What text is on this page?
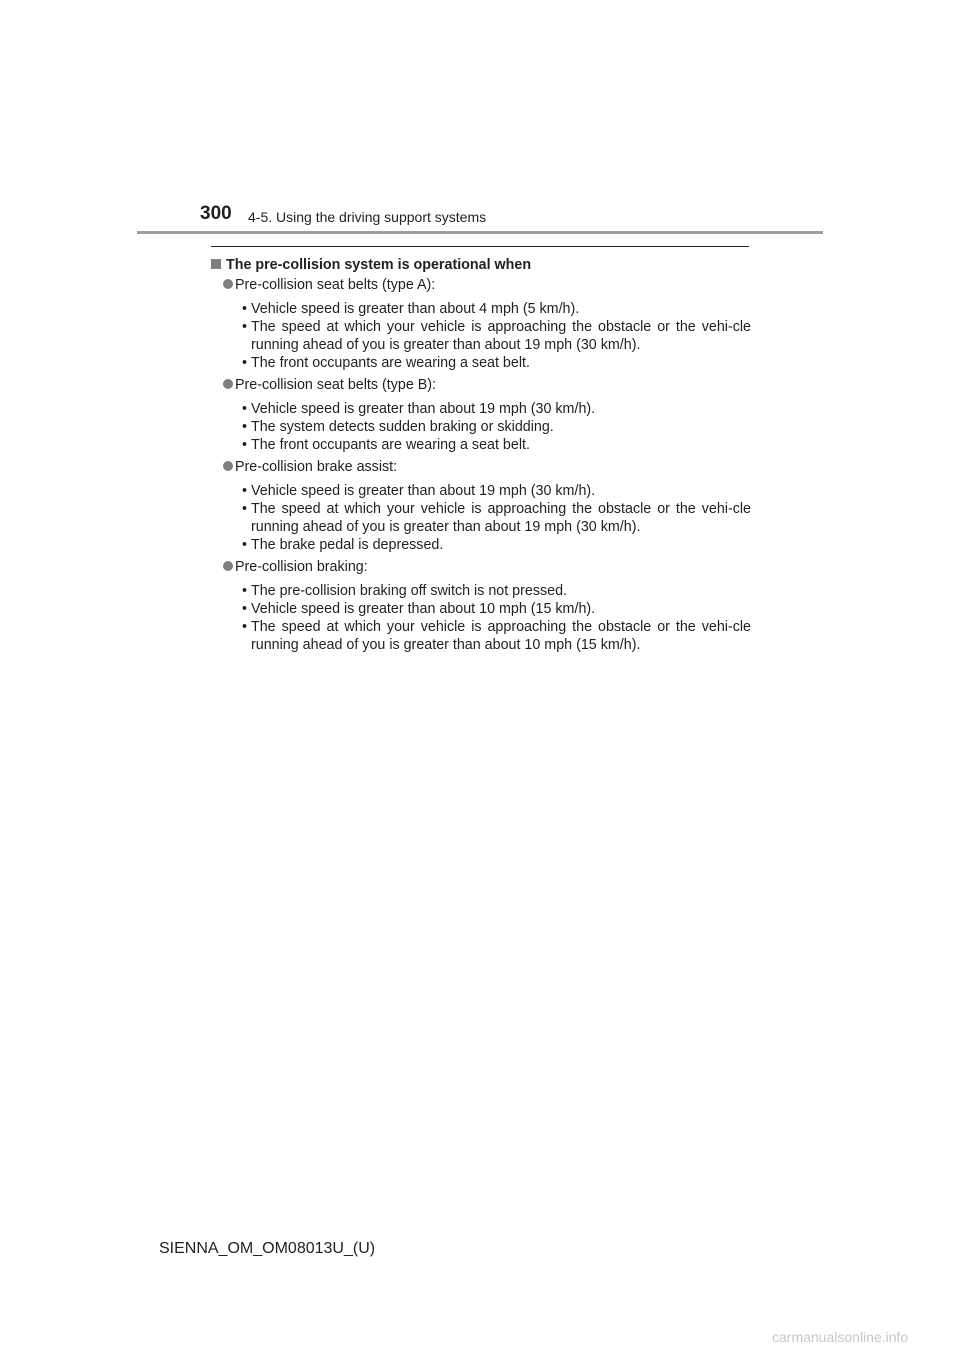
300 4-5. Using the driving support systems
The pre-collision system is operational when
Pre-collision seat belts (type A):
• Vehicle speed is greater than about 4 mph (5 km/h).
• The speed at which your vehicle is approaching the obstacle or the vehi-cle running ahead of you is greater than about 19 mph (30 km/h).
• The front occupants are wearing a seat belt.
Pre-collision seat belts (type B):
• Vehicle speed is greater than about 19 mph (30 km/h).
• The system detects sudden braking or skidding.
• The front occupants are wearing a seat belt.
Pre-collision brake assist:
• Vehicle speed is greater than about 19 mph (30 km/h).
• The speed at which your vehicle is approaching the obstacle or the vehi-cle running ahead of you is greater than about 19 mph (30 km/h).
• The brake pedal is depressed.
Pre-collision braking:
• The pre-collision braking off switch is not pressed.
• Vehicle speed is greater than about 10 mph (15 km/h).
• The speed at which your vehicle is approaching the obstacle or the vehi-cle running ahead of you is greater than about 10 mph (15 km/h).
SIENNA_OM_OM08013U_(U)
carmanualsonline.info
